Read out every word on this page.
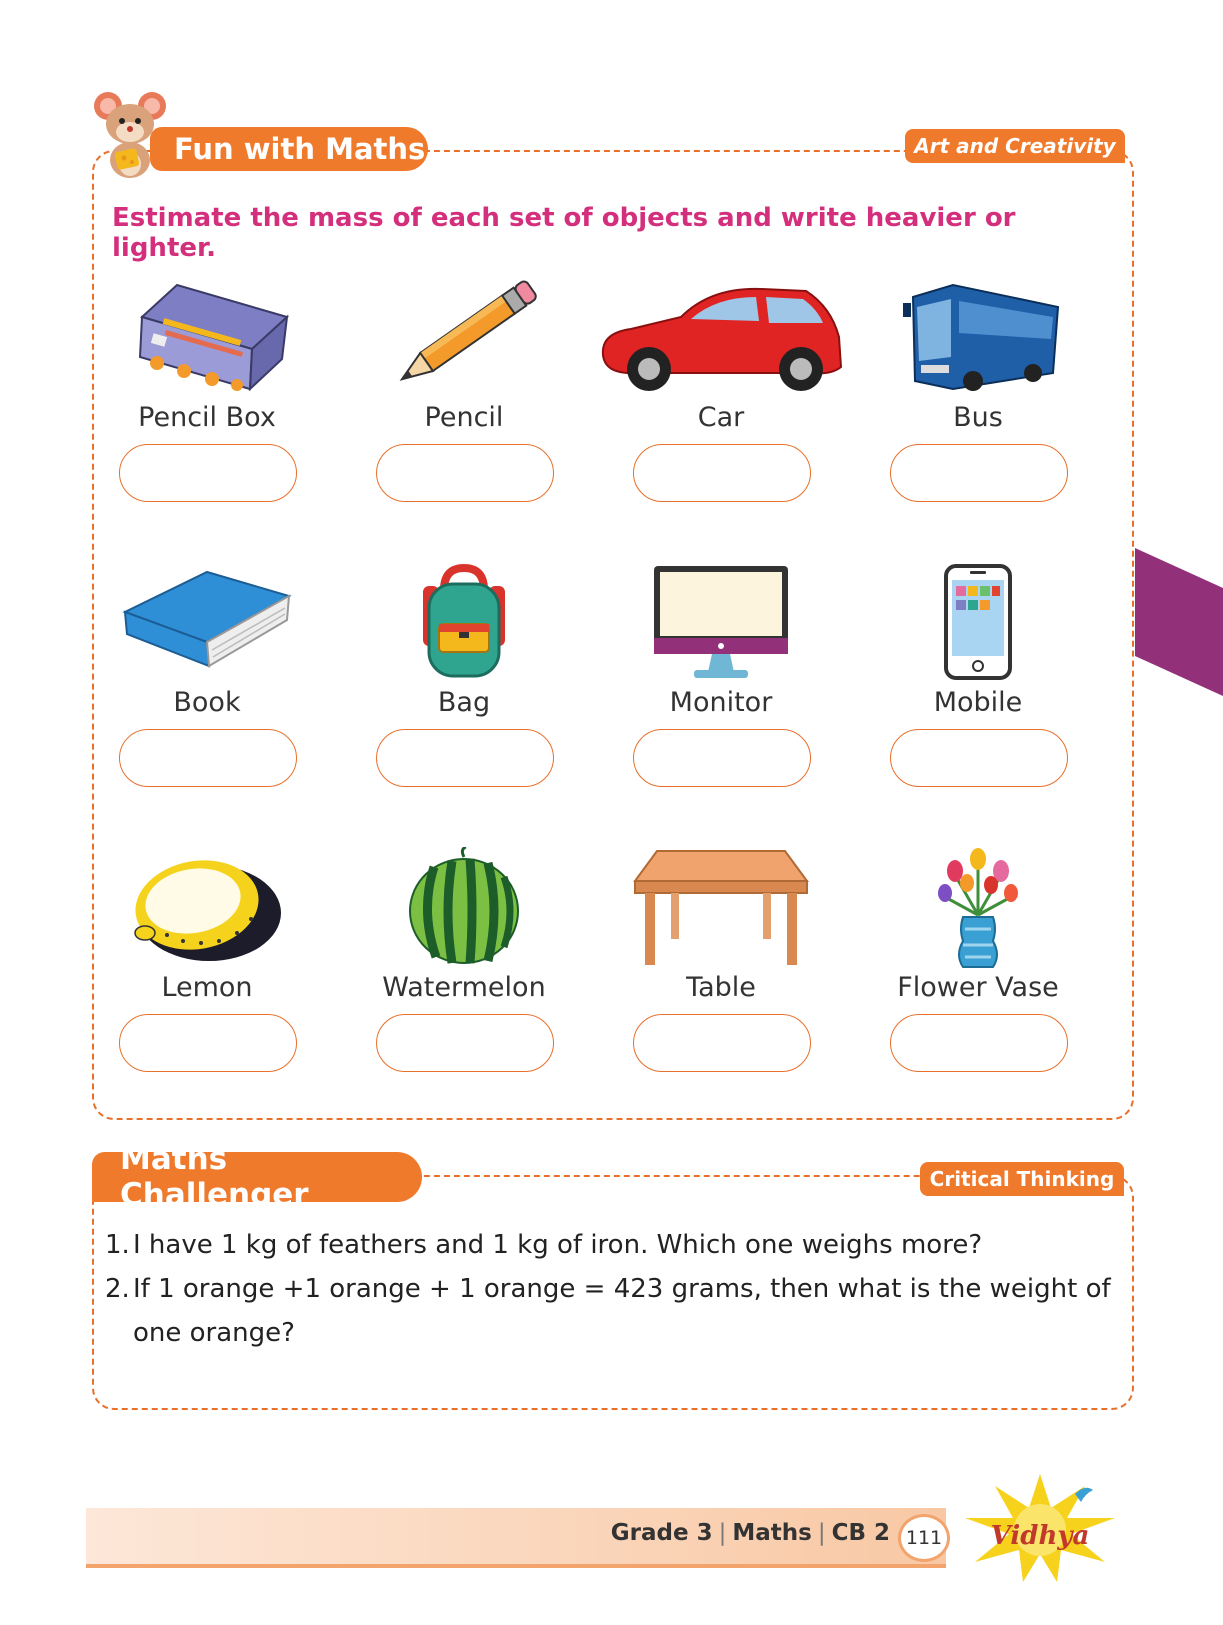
Fun with Maths	Art and Creativity
Estimate the mass of each set of objects and write heavier or lighter.
Pencil Box	Pencil	Car	Bus
Book	Bag	Monitor	Mobile
Lemon	Watermelon	Table	Flower Vase
Maths Challenger	Critical Thinking
1. I have 1 kg of feathers and 1 kg of iron. Which one weighs more?
2. If 1 orange +1 orange + 1 orange = 423 grams, then what is the weight of one orange?
Grade 3 | Maths | CB 2 111	Vidhya
